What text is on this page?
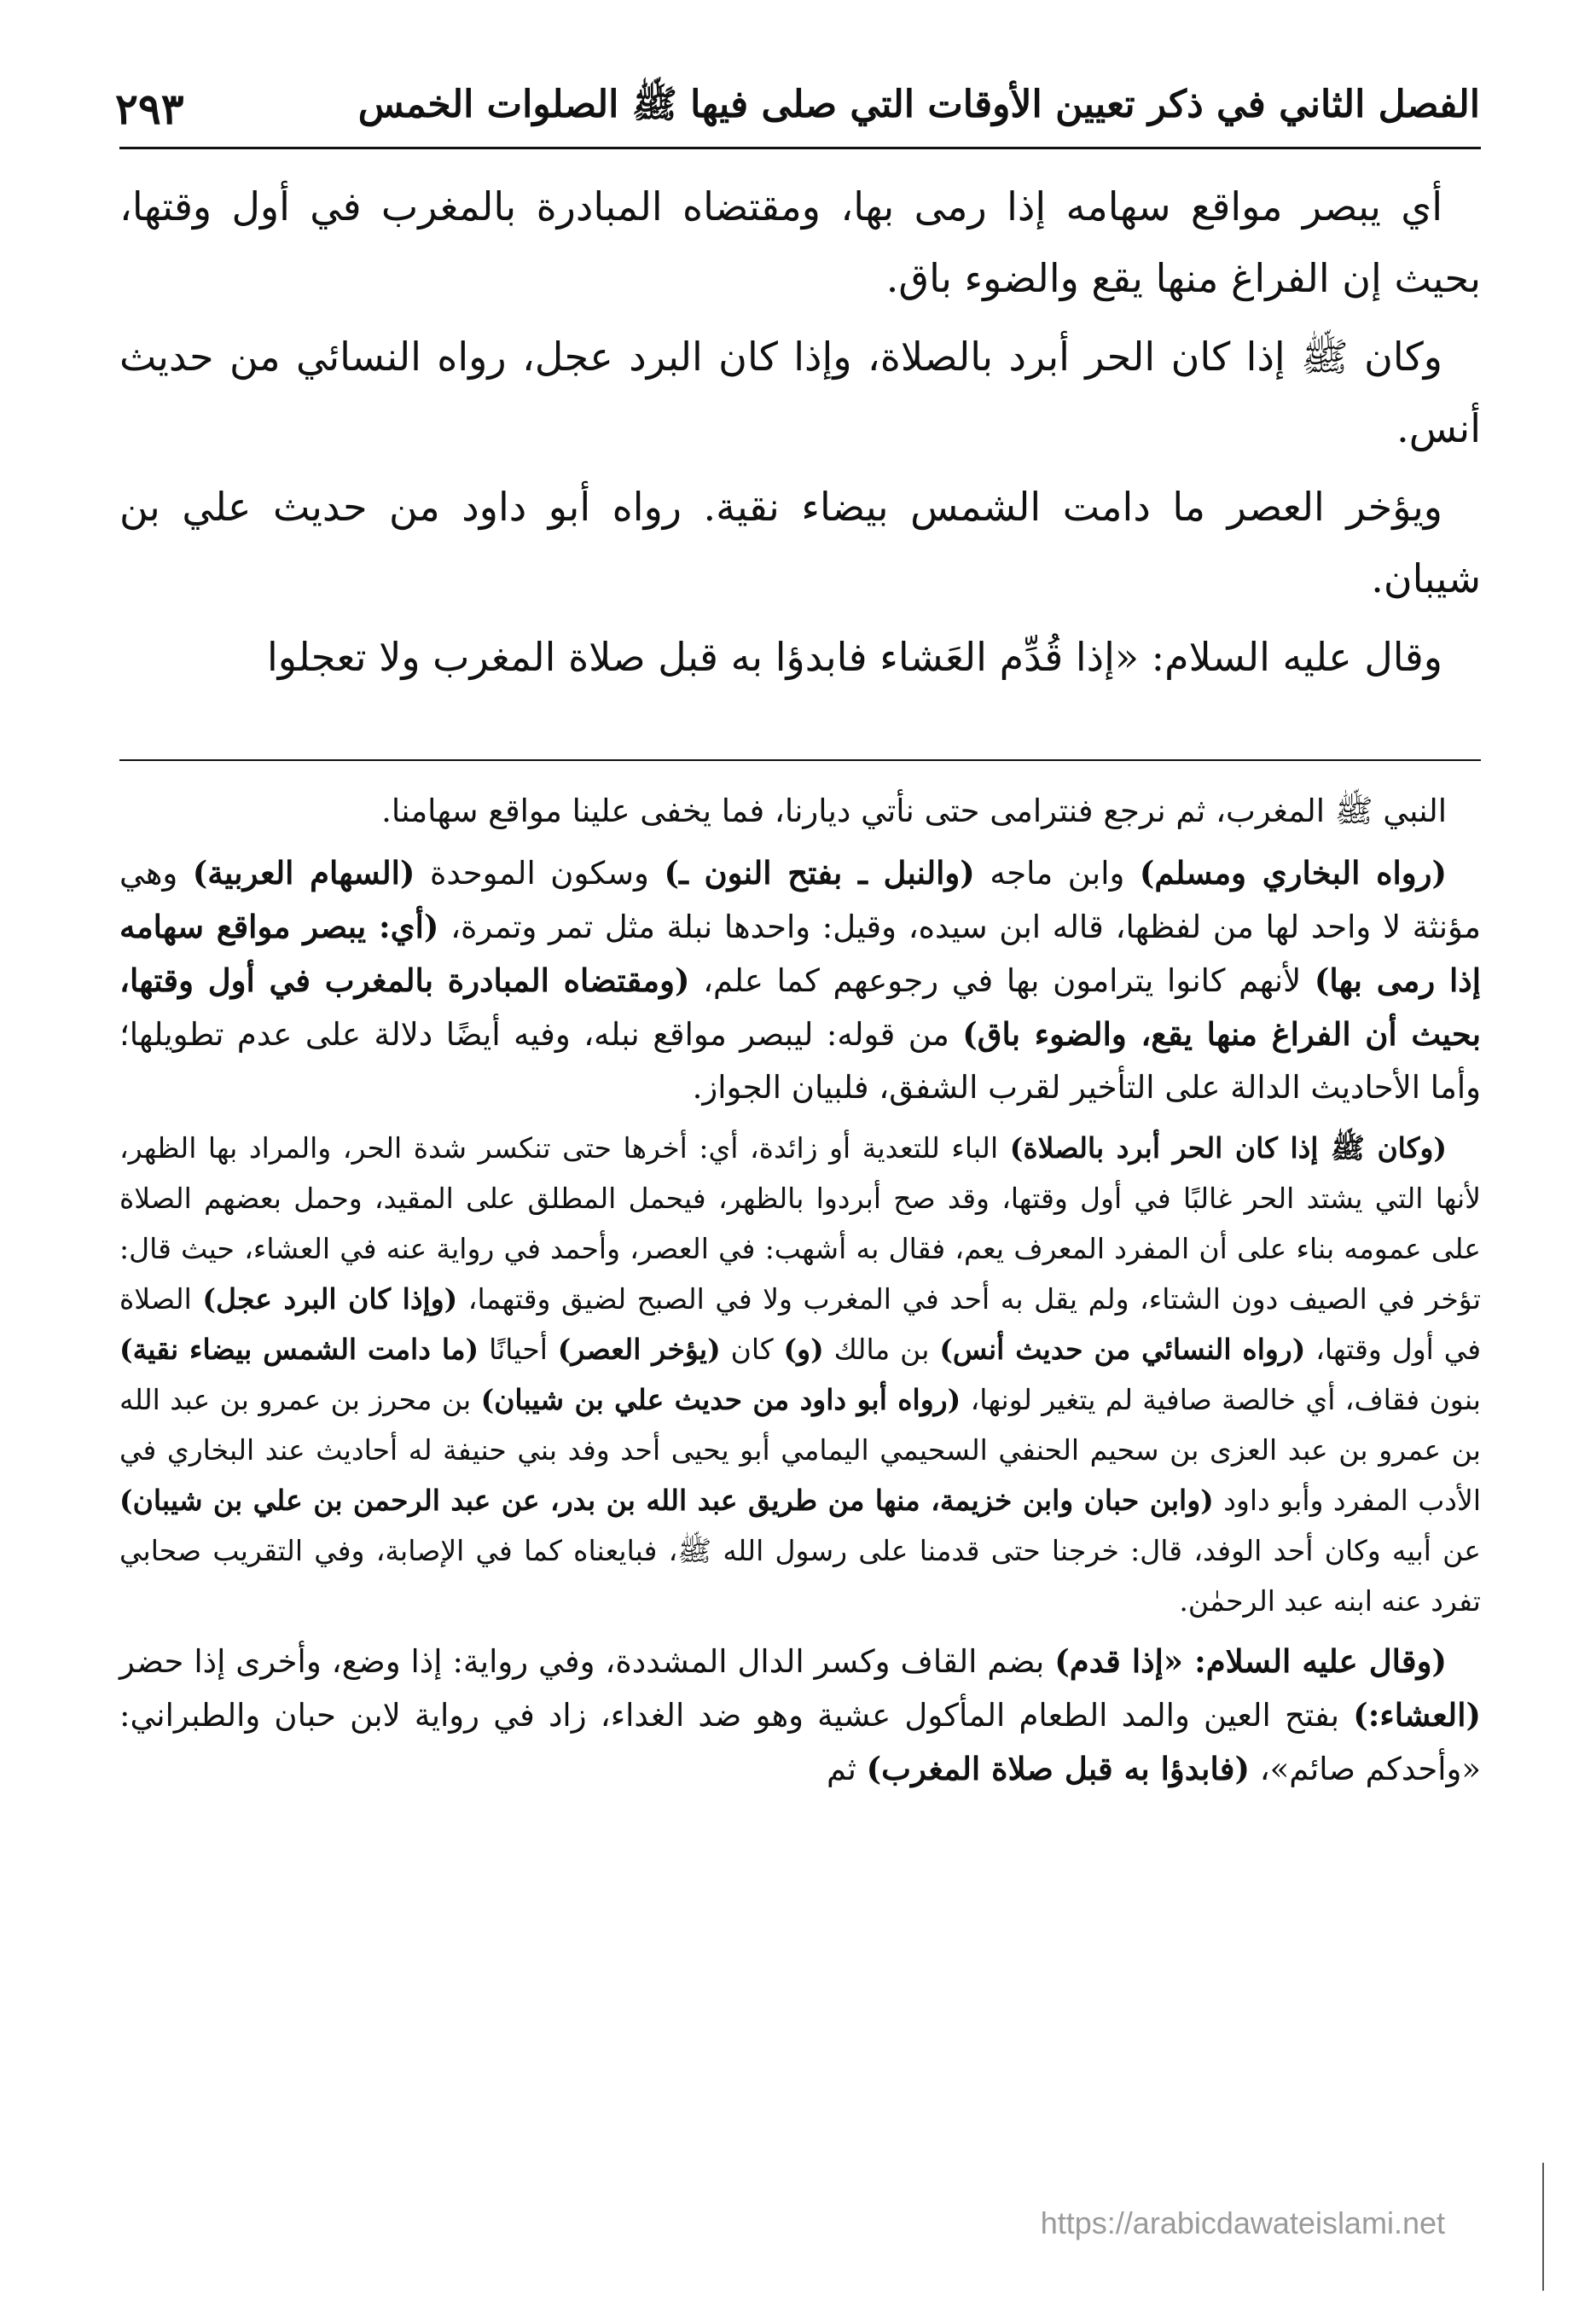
الفصل الثاني في ذكر تعيين الأوقات التي صلى فيها ﷺ الصلوات الخمس
٢٩٣

أي يبصر مواقع سهامه إذا رمى بها، ومقتضاه المبادرة بالمغرب في أول وقتها، بحيث إن الفراغ منها يقع والضوء باق.

وكان ﷺ إذا كان الحر أبرد بالصلاة، وإذا كان البرد عجل، رواه النسائي من حديث أنس.

ويؤخر العصر ما دامت الشمس بيضاء نقية. رواه أبو داود من حديث علي بن شيبان.

وقال عليه السلام: «إذا قُدِّم العَشاء فابدؤا به قبل صلاة المغرب ولا تعجلوا

النبي ﷺ المغرب، ثم نرجع فنترامى حتى نأتي ديارنا، فما يخفى علينا مواقع سهامنا.

(رواه البخاري ومسلم) وابن ماجه (والنبل ـ بفتح النون ـ) وسكون الموحدة (السهام العربية) وهي مؤنثة لا واحد لها من لفظها، قاله ابن سيده، وقيل: واحدها نبلة مثل تمر وتمرة، (أي: يبصر مواقع سهامه إذا رمى بها) لأنهم كانوا يترامون بها في رجوعهم كما علم، (ومقتضاه المبادرة بالمغرب في أول وقتها، بحيث أن الفراغ منها يقع، والضوء باق) من قوله: ليبصر مواقع نبله، وفيه أيضًا دلالة على عدم تطويلها؛ وأما الأحاديث الدالة على التأخير لقرب الشفق، فلبيان الجواز.

(وكان ﷺ إذا كان الحر أبرد بالصلاة) الباء للتعدية أو زائدة، أي: أخرها حتى تنكسر شدة الحر، والمراد بها الظهر، لأنها التي يشتد الحر غالبًا في أول وقتها، وقد صح أبردوا بالظهر، فيحمل المطلق على المقيد، وحمل بعضهم الصلاة على عمومه بناء على أن المفرد المعرف يعم، فقال به أشهب: في العصر، وأحمد في رواية عنه في العشاء، حيث قال: تؤخر في الصيف دون الشتاء، ولم يقل به أحد في المغرب ولا في الصبح لضيق وقتهما، (وإذا كان البرد عجل) الصلاة في أول وقتها، (رواه النسائي من حديث أنس) بن مالك (و) كان (يؤخر العصر) أحيانًا (ما دامت الشمس بيضاء نقية) بنون فقاف، أي خالصة صافية لم يتغير لونها، (رواه أبو داود من حديث علي بن شيبان) بن محرز بن عمرو بن عبد الله بن عمرو بن عبد العزى بن سحيم الحنفي السحيمي اليمامي أبو يحيى أحد وفد بني حنيفة له أحاديث عند البخاري في الأدب المفرد وأبو داود (وابن حبان وابن خزيمة، منها من طريق عبد الله بن بدر، عن عبد الرحمن بن علي بن شيبان) عن أبيه وكان أحد الوفد، قال: خرجنا حتى قدمنا على رسول الله ﷺ، فبايعناه كما في الإصابة، وفي التقريب صحابي تفرد عنه ابنه عبد الرحمٰن.

(وقال عليه السلام: «إذا قدم) بضم القاف وكسر الدال المشددة، وفي رواية: إذا وضع، وأخرى إذا حضر (العشاء:) بفتح العين والمد الطعام المأكول عشية وهو ضد الغداء، زاد في رواية لابن حبان والطبراني: «وأحدكم صائم»، (فابدؤا به قبل صلاة المغرب) ثم

https://arabicdawateislami.net
